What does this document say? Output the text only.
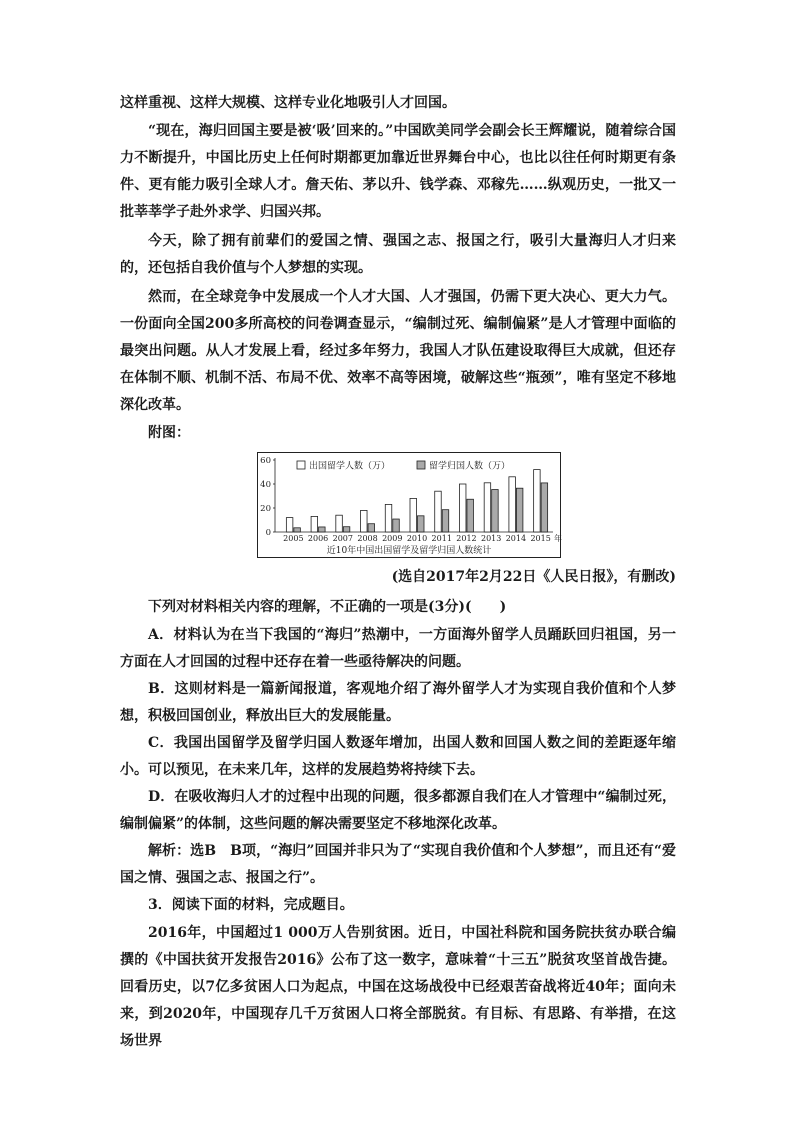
这样重视、这样大规模、这样专业化地吸引人才回国。

“现在，海归回国主要是被‘吸’回来的。”中国欧美同学会副会长王辉耀说，随着综合国力不断提升，中国比历史上任何时期都更加靠近世界舞台中心，也比以往任何时期更有条件、更有能力吸引全球人才。詹天佑、茅以升、钱学森、邓稼先……纵观历史，一批又一批莘莘学子赴外求学、归国兴邦。

今天，除了拥有前辈们的爱国之情、强国之志、报国之行，吸引大量海归人才归来的，还包括自我价值与个人梦想的实现。

然而，在全球竞争中发展成一个人才大国、人才强国，仍需下更大决心、更大力气。一份面向全国200多所高校的问卷调查显示，“编制过死、编制偏紧”是人才管理中面临的最突出问题。从人才发展上看，经过多年努力，我国人才队伍建设取得巨大成就，但还存在体制不顺、机制不活、布局不优、效率不高等困境，破解这些“瓶颈”，唯有坚定不移地深化改革。

附图：

0
20
40
60
2005 2006 2007 2008 2009 2010 2011 2012 2013 2014 2015 年
出国留学人数（万）	留学归国人数（万）
近10年中国出国留学及留学归国人数统计
(选自2017年2月22日《人民日报》，有删改)

下列对材料相关内容的理解，不正确的一项是(3分)(　　)

A．材料认为在当下我国的“海归”热潮中，一方面海外留学人员踊跃回归祖国，另一方面在人才回国的过程中还存在着一些亟待解决的问题。

B．这则材料是一篇新闻报道，客观地介绍了海外留学人才为实现自我价值和个人梦想，积极回国创业，释放出巨大的发展能量。

C．我国出国留学及留学归国人数逐年增加，出国人数和回国人数之间的差距逐年缩小。可以预见，在未来几年，这样的发展趋势将持续下去。

D．在吸收海归人才的过程中出现的问题，很多都源自我们在人才管理中“编制过死，编制偏紧”的体制，这些问题的解决需要坚定不移地深化改革。

解析：选B　B项，“海归”回国并非只为了“实现自我价值和个人梦想”，而且还有“爱国之情、强国之志、报国之行”。

3．阅读下面的材料，完成题目。

2016年，中国超过1 000万人告别贫困。近日，中国社科院和国务院扶贫办联合编撰的《中国扶贫开发报告2016》公布了这一数字，意味着“十三五”脱贫攻坚首战告捷。回看历史，以7亿多贫困人口为起点，中国在这场战役中已经艰苦奋战将近40年；面向未来，到2020年，中国现存几千万贫困人口将全部脱贫。有目标、有思路、有举措，在这场世界
